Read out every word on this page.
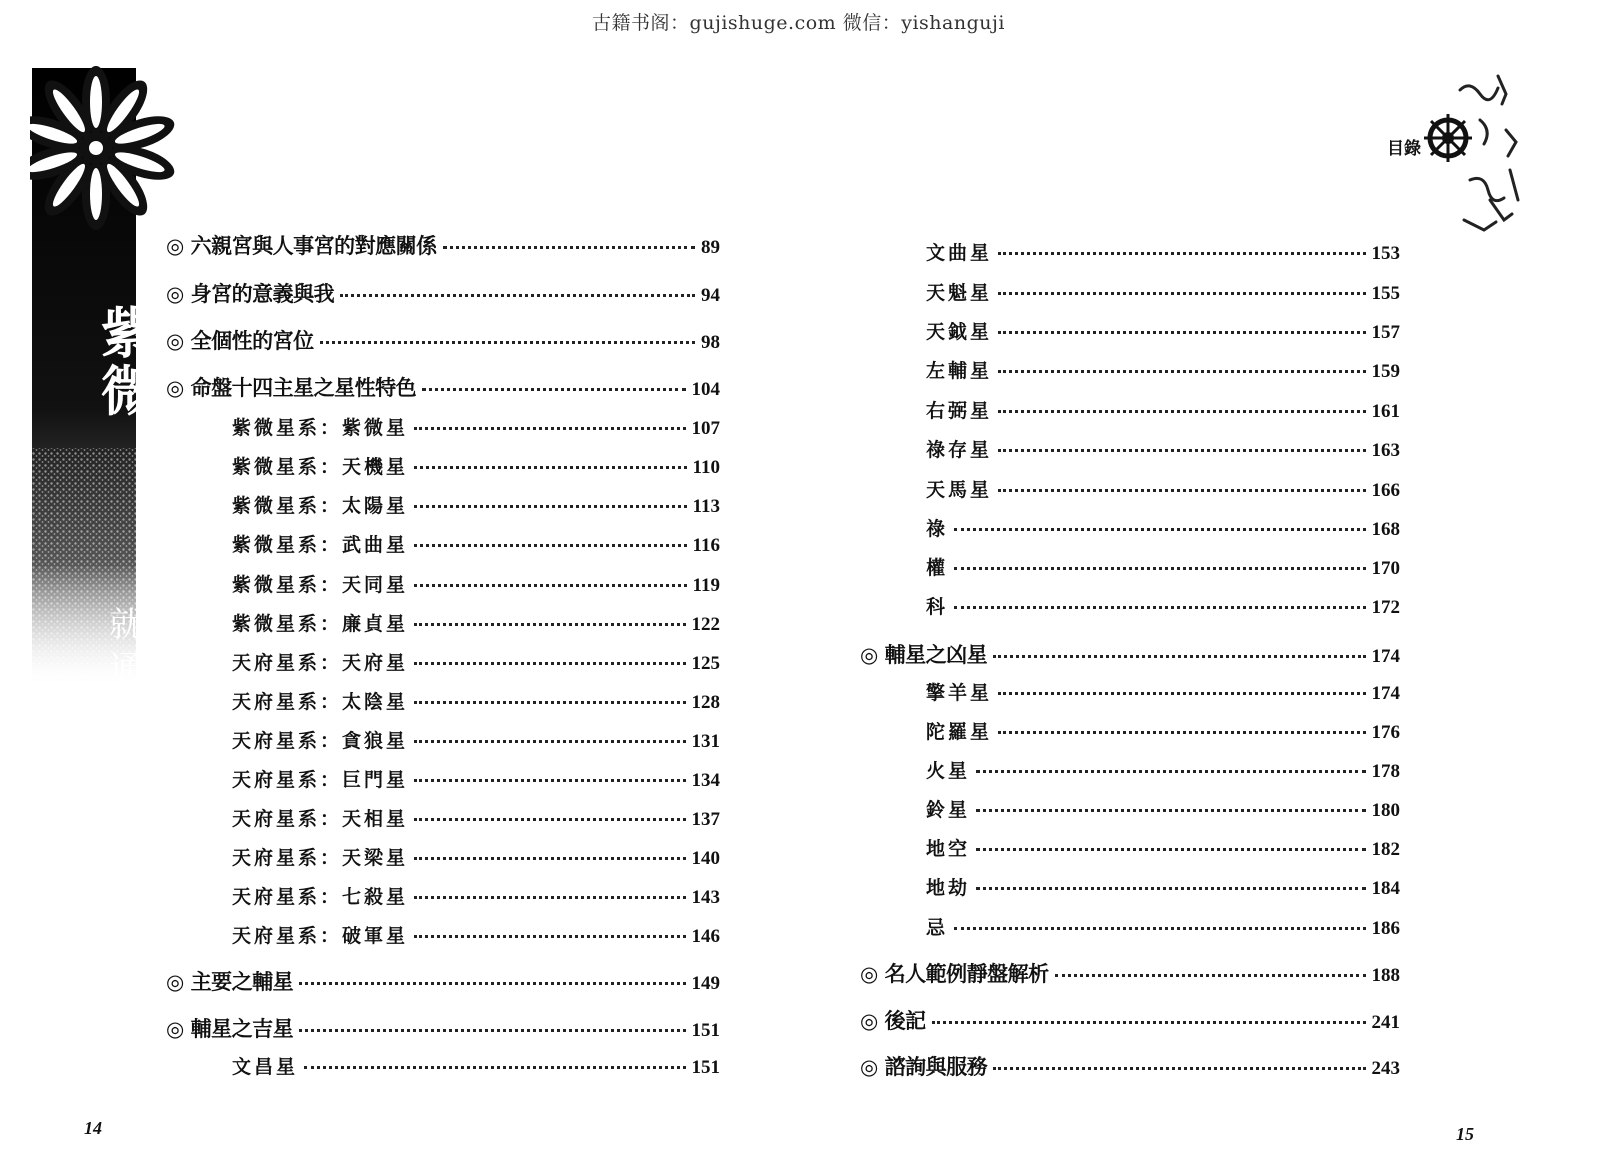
古籍书阁：gujishuge.com 微信：yishanguji
紫
微
就
通
目錄
◎ 六親宮與人事宮的對應關係	89
◎ 身宮的意義與我	94
◎ 全個性的宮位	98
◎ 命盤十四主星之星性特色	104
紫微星系：紫微星	107
紫微星系：天機星	110
紫微星系：太陽星	113
紫微星系：武曲星	116
紫微星系：天同星	119
紫微星系：廉貞星	122
天府星系：天府星	125
天府星系：太陰星	128
天府星系：貪狼星	131
天府星系：巨門星	134
天府星系：天相星	137
天府星系：天梁星	140
天府星系：七殺星	143
天府星系：破軍星	146
◎ 主要之輔星	149
◎ 輔星之吉星	151
文昌星	151
文曲星	153
天魁星	155
天鉞星	157
左輔星	159
右弼星	161
祿存星	163
天馬星	166
祿	168
權	170
科	172
◎ 輔星之凶星	174
擎羊星	174
陀羅星	176
火星	178
鈴星	180
地空	182
地劫	184
忌	186
◎ 名人範例靜盤解析	188
◎ 後記	241
◎ 諮詢與服務	243
14	15
